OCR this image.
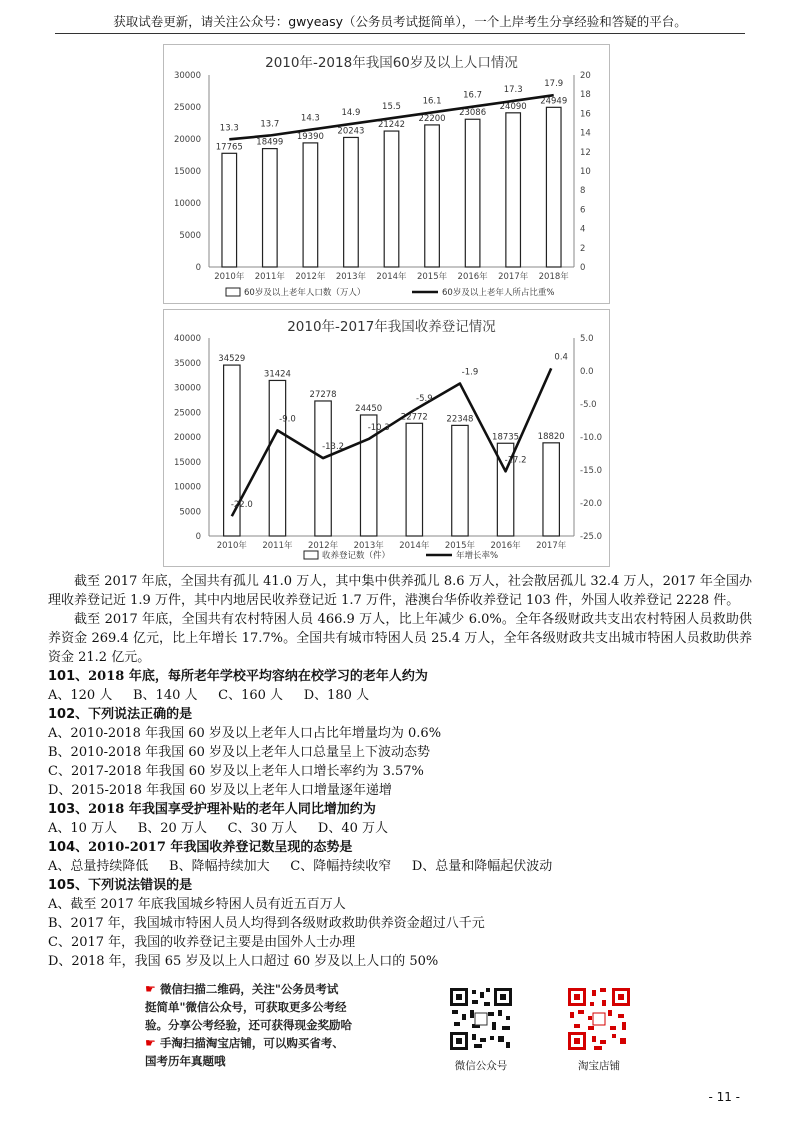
获取试卷更新，请关注公众号：gwyeasy（公务员考试挺简单），一个上岸考生分享经验和答疑的平台。
2010年-2018年我国60岁及以上人口情况
0
5000
10000
15000
20000
25000
30000
0
2
4
6
8
10
12
14
16
18
20
17765
2010年
18499
2011年
19390
2012年
20243
2013年
21242
2014年
22200
2015年
23086
2016年
24090
2017年
24949
2018年
13.3	13.7
14.3
14.9
15.5
16.1
16.7
17.3
17.9
60岁及以上老年人口数（万人）	60岁及以上老年人所占比重%
2010年-2017年我国收养登记情况
0
5000
10000
15000
20000
25000
30000
35000
40000
-25.0
-20.0
-15.0
-10.0
-5.0
0.0
5.0
34529
2010年
31424
2011年
27278
2012年
24450
2013年
22772
2014年
22348
2015年
18735
2016年
18820
2017年
-22.0
-9.0
-13.2
-10.3
-5.9
-1.9
-17.2
0.4
收养登记数（件）	年增长率%

截至 2017 年底，全国共有孤儿 41.0 万人，其中集中供养孤儿 8.6 万人，社会散居孤儿 32.4 万人，2017 年全国办理收养登记近 1.9 万件，其中内地居民收养登记近 1.7 万件，港澳台华侨收养登记 103 件，外国人收养登记 2228 件。

截至 2017 年底，全国共有农村特困人员 466.9 万人，比上年减少 6.0%。全年各级财政共支出农村特困人员救助供养资金 269.4 亿元，比上年增长 17.7%。全国共有城市特困人员 25.4 万人，全年各级财政共支出城市特困人员救助供养资金 21.2 亿元。

101、2018 年底，每所老年学校平均容纳在校学习的老年人约为
A、120 人     B、140 人     C、160 人     D、180 人
102、下列说法正确的是
A、2010-2018 年我国 60 岁及以上老年人口占比年增量均为 0.6%
B、2010-2018 年我国 60 岁及以上老年人口总量呈上下波动态势
C、2017-2018 年我国 60 岁及以上老年人口增长率约为 3.57%
D、2015-2018 年我国 60 岁及以上老年人口增量逐年递增
103、2018 年我国享受护理补贴的老年人同比增加约为
A、10 万人     B、20 万人     C、30 万人     D、40 万人
104、2010-2017 年我国收养登记数呈现的态势是
A、总量持续降低     B、降幅持续加大     C、降幅持续收窄     D、总量和降幅起伏波动
105、下列说法错误的是
A、截至 2017 年底我国城乡特困人员有近五百万人
B、2017 年，我国城市特困人员人均得到各级财政救助供养资金超过八千元
C、2017 年，我国的收养登记主要是由国外人士办理
D、2018 年，我国 65 岁及以上人口超过 60 岁及以上人口的 50%
☛ 微信扫描二维码，关注"公务员考试
挺简单"微信公众号，可获取更多公考经
验。分享公考经验，还可获得现金奖励哈
☛ 手淘扫描淘宝店铺，可以购买省考、
国考历年真题哦	微信公众号	淘宝店铺
- 11 -
